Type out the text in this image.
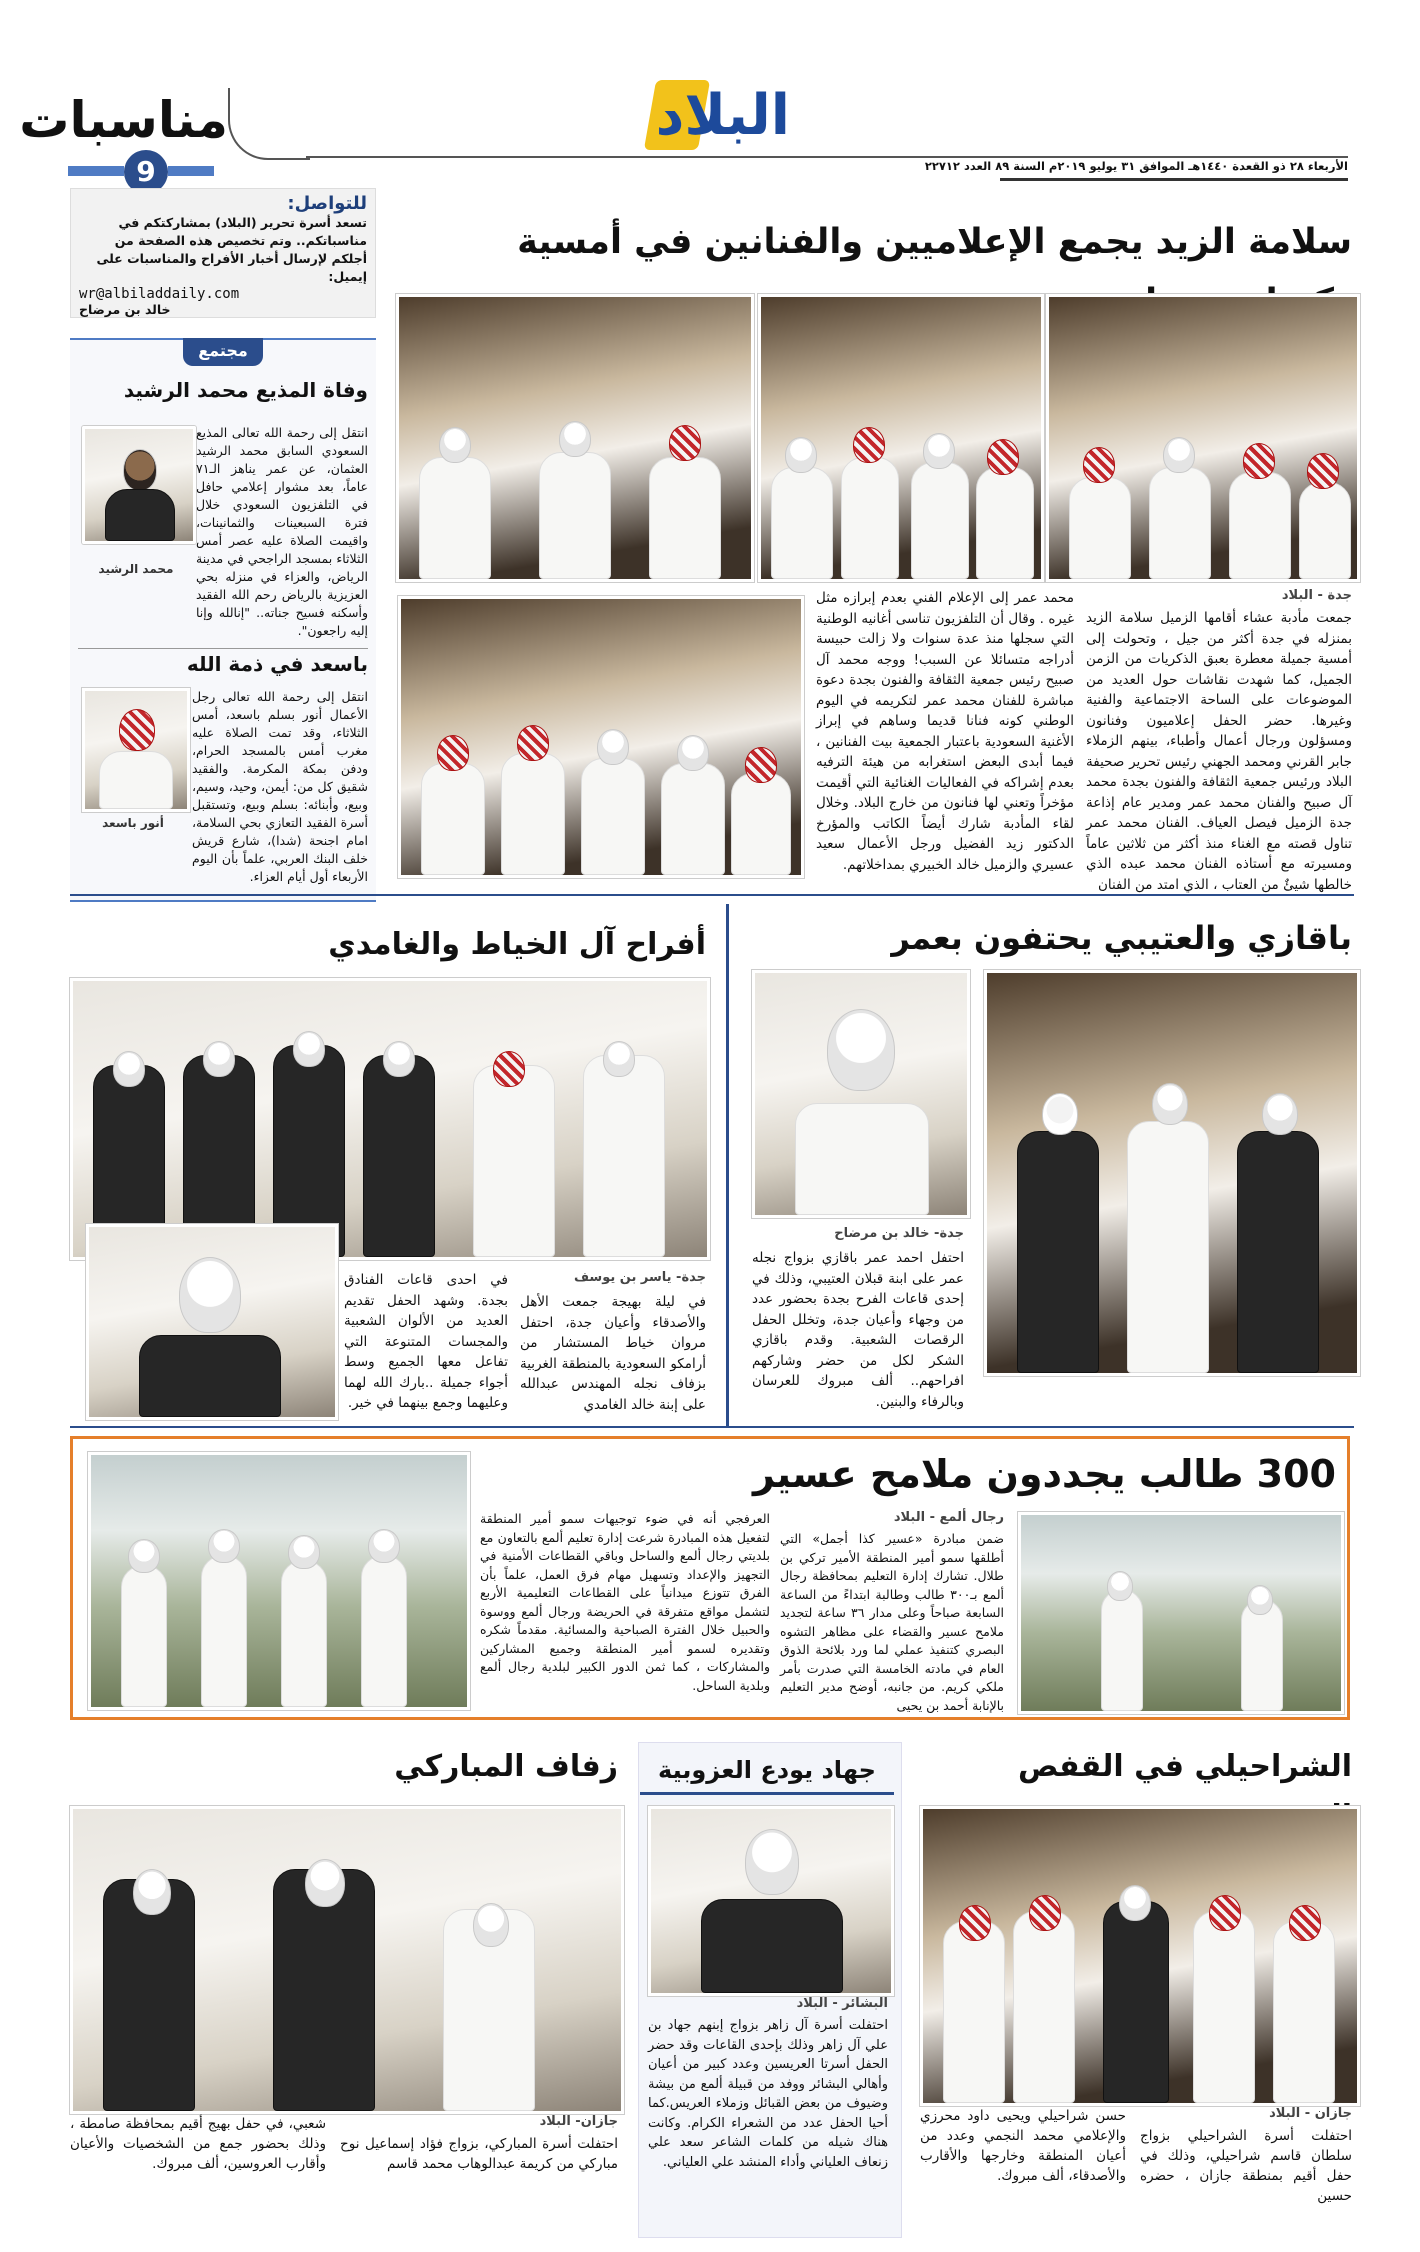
مناسبات
9
البلاد
الأربعاء ٢٨ ذو القعدة ١٤٤٠هـ الموافق ٣١ يوليو ٢٠١٩م السنة ٨٩ العدد ٢٢٧١٢
للتواصل:
تسعد أسرة تحرير (البلاد) بمشاركتكم في مناسباتكم.. وتم تخصيص هذه الصفحة من أجلكم لإرسال أخبار الأفراح والمناسبات على إيميل:
wr@albiladdaily.com
خالد بن مرضاح
مجتمع
وفاة المذيع محمد الرشيد
محمد الرشيد
انتقل إلى رحمة الله تعالى المذيع السعودي السابق محمد الرشيد العثمان، عن عمر يناهز الـ٧١ عاماً، بعد مشوار إعلامي حافل في التلفزيون السعودي خلال فترة السبعينات والثمانينات، واقيمت الصلاة عليه عصر أمس الثلاثاء بمسجد الراجحي في مدينة الرياض، والعزاء في منزله بحي العزيزية بالرياض رحم الله الفقيد وأسكنه فسيح جناته.. "إنالله وإنا إليه راجعون".
باسعد في ذمة الله
أنور باسعد
انتقل إلى رحمة الله تعالى رجل الأعمال أنور بسلم باسعد، أمس الثلاثاء، وقد تمت الصلاة عليه مغرب أمس بالمسجد الحرام، ودفن بمكة المكرمة. والفقيد شقيق كل من: أيمن، وحيد، وسيم، وبيع، وأبنائه: بسلم وبيع، وتستقبل أسرة الفقيد التعازي بحي السلامة، امام اجنحة (شدا)، شارع قريش خلف البنك العربي، علماً بأن اليوم الأربعاء أول أيام العزاء.
سلامة الزيد يجمع الإعلاميين والفنانين في أمسية
جدة - البلاد
جمعت مأدبة عشاء أقامها الزميل سلامة الزيد بمنزله في جدة أكثر من جيل ، وتحولت إلى أمسية جميلة معطرة بعبق الذكريات من الزمن الجميل، كما شهدت نقاشات حول العديد من الموضوعات على الساحة الاجتماعية والفنية وغيرها. حضر الحفل إعلاميون وفنانون ومسؤلون ورجال أعمال وأطباء، بينهم الزملاء جابر القرني ومحمد الجهني رئيس تحرير صحيفة البلاد ورئيس جمعية الثقافة والفنون بجدة محمد آل صبيح والفنان محمد عمر ومدير عام إذاعة جدة الزميل فيصل العياف. الفنان محمد عمر تناول قصته مع الغناء منذ أكثر من ثلاثين عاماً ومسيرته مع أستاذه الفنان محمد عبده الذي خالطها شيئٌ من العتاب ، الذي امتد من الفنان
محمد عمر إلى الإعلام الفني بعدم إبرازه مثل غيره . وقال أن التلفزيون تناسى أغانيه الوطنية التي سجلها منذ عدة سنوات ولا زالت حبيسة أدراجه متسائلا عن السبب! ووجه محمد آل صبيح رئيس جمعية الثقافة والفنون بجدة دعوة مباشرة للفنان محمد عمر لتكريمه في اليوم الوطني كونه فنانا قديما وساهم في إبراز الأغنية السعودية باعتبار الجمعية بيت الفنانين ، فيما أبدى البعض استغرابه من هيئة الترفيه بعدم إشراكه في الفعاليات الغنائية التي أقيمت مؤخراً وتعني لها فنانون من خارج البلاد. وخلال لقاء المأدبة شارك أيضاً الكاتب والمؤرخ الدكتور زيد الفضيل ورجل الأعمال سعيد عسيري والزميل خالد الخبيري بمداخلاتهم.
باقازي والعتيبي يحتفون بعمر
جدة- خالد بن مرضاح
احتفل احمد عمر باقازي بزواج نجله عمر على ابنة قبلان العتيبي، وذلك في إحدى قاعات الفرح بجدة بحضور عدد من وجهاء وأعيان جدة، وتخلل الحفل الرقصات الشعبية. وقدم باقازي الشكر لكل من حضر وشاركهم افراحهم.. ألف مبروك للعرسان وبالرفاء والبنين.
أفراح آل الخياط والغامدي
جدة- ياسر بن يوسف
في ليلة بهيجة جمعت الأهل والأصدقاء وأعيان جدة، احتفل مروان خياط المستشار من أرامكو السعودية بالمنطقة الغربية بزفاف نجله المهندس عبدالله على إبنة خالد الغامدي
في احدى قاعات الفنادق بجدة. وشهد الحفل تقديم العديد من الألوان الشعبية والمجسات المتنوعة التي تفاعل معها الجميع وسط أجواء جميلة ..بارك الله لهما وعليهما وجمع بينهما في خير.
300 طالب يجددون ملامح عسير
رجال ألمع - البلاد
ضمن مبادرة «عسير كذا أجمل» التي أطلقها سمو أمير المنطقة الأمير تركي بن طلال. تشارك إدارة التعليم بمحافظة رجال ألمع بـ٣٠٠ طالب وطالبة ابتداءً من الساعة السابعة صباحاً وعلى مدار ٣٦ ساعة لتجديد ملامح عسير والقضاء على مظاهر التشوه البصري كتنفيذ عملي لما ورد بلائحة الذوق العام في مادته الخامسة التي صدرت بأمر ملكي كريم. من جانبه، أوضح مدير التعليم بالإنابة أحمد بن يحيى
العرفجي أنه في ضوء توجيهات سمو أمير المنطقة لتفعيل هذه المبادرة شرعت إدارة تعليم ألمع بالتعاون مع بلديتي رجال ألمع والساحل وباقي القطاعات الأمنية في التجهيز والإعداد وتسهيل مهام فرق العمل، علماً بأن الفرق تتوزع ميدانياً على القطاعات التعليمية الأربع لتشمل مواقع متفرقة في الحريضة ورجال ألمع ووسوة والحبيل خلال الفترة الصباحية والمسائية. مقدماً شكره وتقديره لسمو أمير المنطقة وجميع المشاركين والمشاركات ، كما ثمن الدور الكبير لبلدية رجال ألمع وبلدية الساحل.
الشراحيلي في القفص
جازان - البلاد
احتفلت أسرة الشراحيلي بزواج سلطان قاسم شراحيلي، وذلك في حفل أقيم بمنطقة جازان ، حضره حسين
حسن شراحيلي ويحيى داود محرزي والإعلامي محمد النجمي وعدد من أعيان المنطقة وخارجها والأقارب والأصدقاء، ألف مبروك.
جهاد يودع العزوبية
البشائر - البلاد
احتفلت أسرة آل زاهر بزواج إبنهم جهاد بن علي آل زاهر وذلك بإحدى القاعات وقد حضر الحفل أسرتا العريسين وعدد كبير من أعيان وأهالي البشائر ووفد من قبيلة ألمع من بيشة وضيوف من بعض القبائل وزملاء العريس.كما أحيا الحفل عدد من الشعراء الكرام. وكانت هناك شيله من كلمات الشاعر سعد علي زنعاف العلياني وأداء المنشد علي العلياني.
زفاف المباركي
جازان- البلاد
احتفلت أسرة المباركي، بزواج فؤاد إسماعيل نوح مباركي من كريمة عبدالوهاب محمد قاسم
شعبي، في حفل بهيج أقيم بمحافظة صامطة ، وذلك بحضور جمع من الشخصيات والأعيان وأقارب العروسين، ألف مبروك.
